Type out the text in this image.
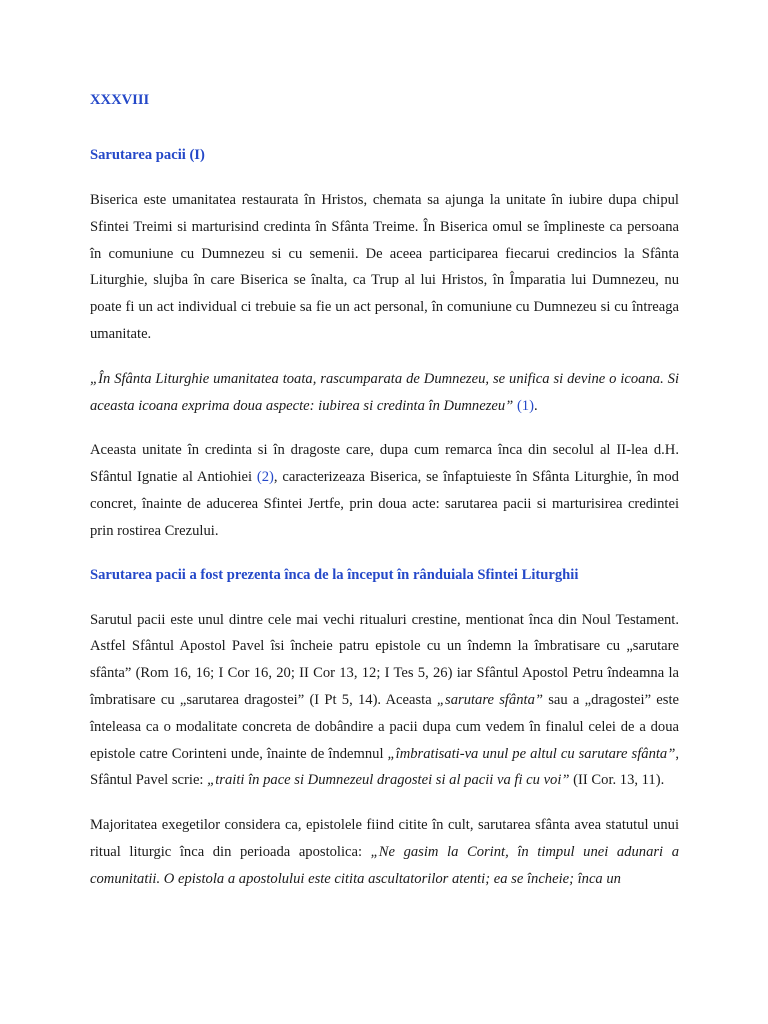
XXXVIII

Sarutarea pacii (I)

Biserica este umanitatea restaurata în Hristos, chemata sa ajunga la unitate în iubire dupa chipul Sfintei Treimi si marturisind credinta în Sfânta Treime. În Biserica omul se împlineste ca persoana în comuniune cu Dumnezeu si cu semenii. De aceea participarea fiecarui credincios la Sfânta Liturghie, slujba în care Biserica se înalta, ca Trup al lui Hristos, în Împaratia lui Dumnezeu, nu poate fi un act individual ci trebuie sa fie un act personal, în comuniune cu Dumnezeu si cu întreaga umanitate.

„În Sfânta Liturghie umanitatea toata, rascumparata de Dumnezeu, se unifica si devine o icoana. Si aceasta icoana exprima doua aspecte: iubirea si credinta în Dumnezeu” (1).

Aceasta unitate în credinta si în dragoste care, dupa cum remarca înca din secolul al II-lea d.H. Sfântul Ignatie al Antiohiei (2), caracterizeaza Biserica, se înfaptuieste în Sfânta Liturghie, în mod concret, înainte de aducerea Sfintei Jertfe, prin doua acte: sarutarea pacii si marturisirea credintei prin rostirea Crezului.

Sarutarea pacii a fost prezenta înca de la început în rânduiala Sfintei Liturghii

Sarutul pacii este unul dintre cele mai vechi ritualuri crestine, mentionat înca din Noul Testament. Astfel Sfântul Apostol Pavel îsi încheie patru epistole cu un îndemn la îmbratisare cu „sarutare sfânta” (Rom 16, 16; I Cor 16, 20; II Cor 13, 12; I Tes 5, 26) iar Sfântul Apostol Petru îndeamna la îmbratisare cu „sarutarea dragostei” (I Pt 5, 14). Aceasta „sarutare sfânta” sau a „dragostei” este înteleasa ca o modalitate concreta de dobândire a pacii dupa cum vedem în finalul celei de a doua epistole catre Corinteni unde, înainte de îndemnul „îmbratisati-va unul pe altul cu sarutare sfânta”, Sfântul Pavel scrie: „traiti în pace si Dumnezeul dragostei si al pacii va fi cu voi” (II Cor. 13, 11).

Majoritatea exegetilor considera ca, epistolele fiind citite în cult, sarutarea sfânta avea statutul unui ritual liturgic înca din perioada apostolica: „Ne gasim la Corint, în timpul unei adunari a comunitatii. O epistola a apostolului este citita ascultatorilor atenti; ea se încheie; înca un
